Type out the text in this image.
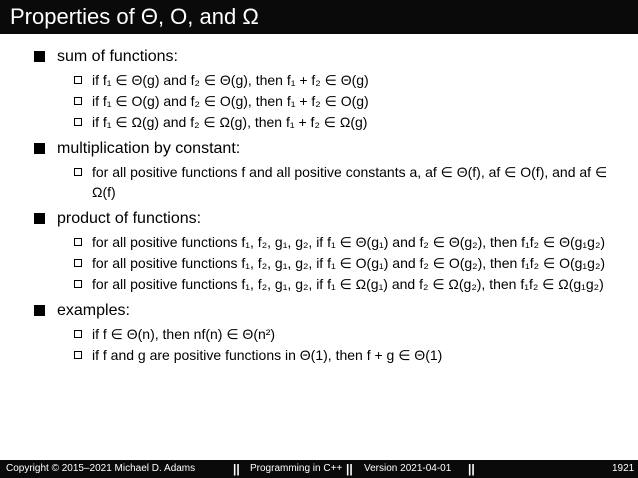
Properties of Θ, O, and Ω
sum of functions:
if f₁ ∈ Θ(g) and f₂ ∈ Θ(g), then f₁ + f₂ ∈ Θ(g)
if f₁ ∈ O(g) and f₂ ∈ O(g), then f₁ + f₂ ∈ O(g)
if f₁ ∈ Ω(g) and f₂ ∈ Ω(g), then f₁ + f₂ ∈ Ω(g)
multiplication by constant:
for all positive functions f and all positive constants a, af ∈ Θ(f), af ∈ O(f), and af ∈ Ω(f)
product of functions:
for all positive functions f₁, f₂, g₁, g₂, if f₁ ∈ Θ(g₁) and f₂ ∈ Θ(g₂), then f₁f₂ ∈ Θ(g₁g₂)
for all positive functions f₁, f₂, g₁, g₂, if f₁ ∈ O(g₁) and f₂ ∈ O(g₂), then f₁f₂ ∈ O(g₁g₂)
for all positive functions f₁, f₂, g₁, g₂, if f₁ ∈ Ω(g₁) and f₂ ∈ Ω(g₂), then f₁f₂ ∈ Ω(g₁g₂)
examples:
if f ∈ Θ(n), then nf(n) ∈ Θ(n²)
if f and g are positive functions in Θ(1), then f + g ∈ Θ(1)
Copyright © 2015–2021 Michael D. Adams	|| Programming in C++ || Version 2021-04-01 ||	1921
